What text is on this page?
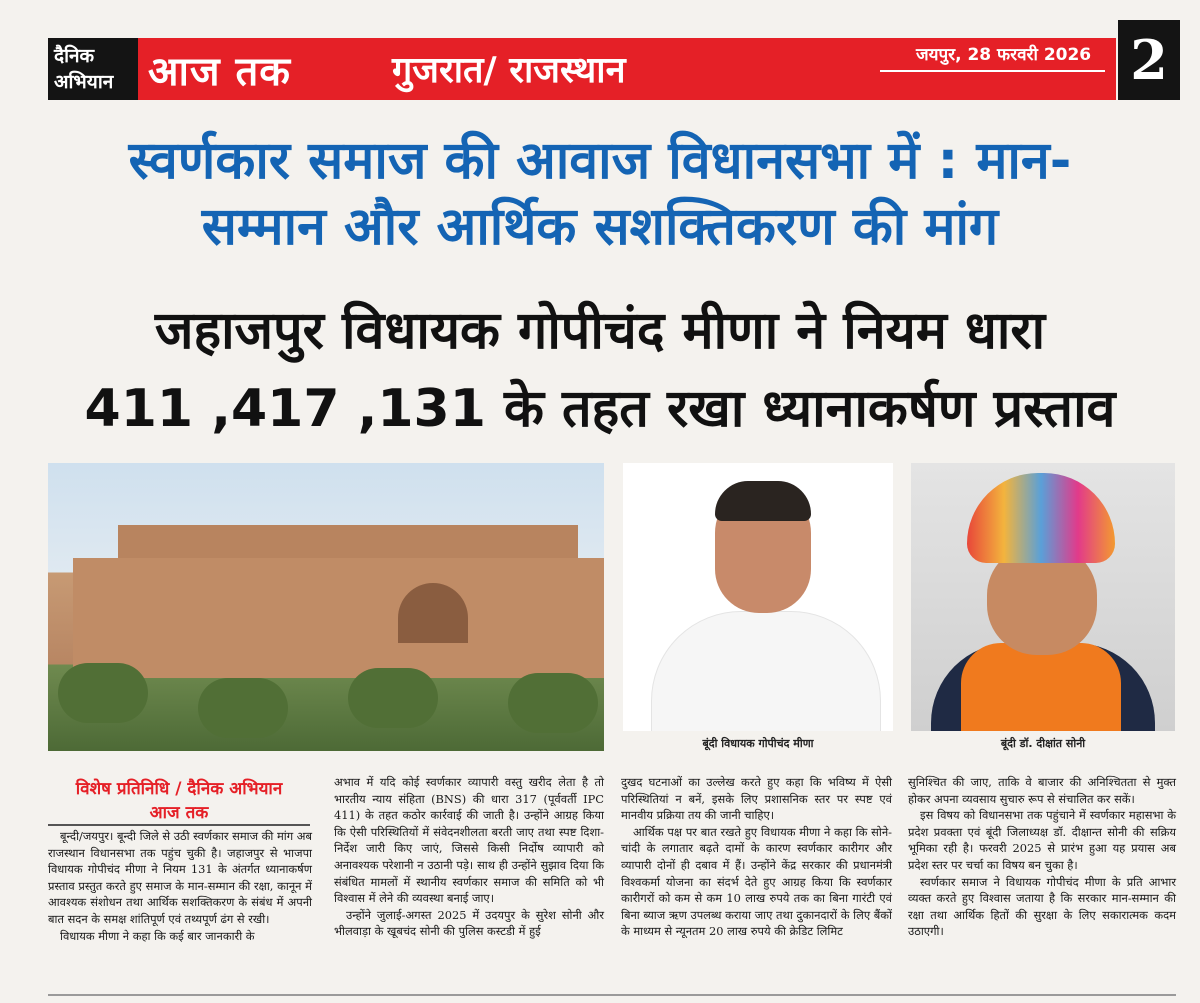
दैनिक
अभियान आज तक	गुजरात/ राजस्थान	जयपुर, 28 फरवरी 2026 2
स्वर्णकार समाज की आवाज विधानसभा में : मान-
सम्मान और आर्थिक सशक्तिकरण की मांग
जहाजपुर विधायक गोपीचंद मीणा ने नियम धारा
411 ,417 ,131 के तहत रखा ध्यानाकर्षण प्रस्ताव
बूंदी विधायक गोपीचंद मीणा	बूंदी डॉ. दीक्षांत सोनी
विशेष प्रतिनिधि / दैनिक अभियान
आज तक

बून्दी/जयपुर। बून्दी जिले से उठी स्वर्णकार समाज की मांग अब राजस्थान विधानसभा तक पहुंच चुकी है। जहाजपुर से भाजपा विधायक गोपीचंद मीणा ने नियम 131 के अंतर्गत ध्यानाकर्षण प्रस्ताव प्रस्तुत करते हुए समाज के मान-सम्मान की रक्षा, कानून में आवश्यक संशोधन तथा आर्थिक सशक्तिकरण के संबंध में अपनी बात सदन के समक्ष शांतिपूर्ण एवं तथ्यपूर्ण ढंग से रखी।

विधायक मीणा ने कहा कि कई बार जानकारी के

अभाव में यदि कोई स्वर्णकार व्यापारी वस्तु खरीद लेता है तो भारतीय न्याय संहिता (BNS) की धारा 317 (पूर्ववर्ती IPC 411) के तहत कठोर कार्रवाई की जाती है। उन्होंने आग्रह किया कि ऐसी परिस्थितियों में संवेदनशीलता बरती जाए तथा स्पष्ट दिशा-निर्देश जारी किए जाएं, जिससे किसी निर्दोष व्यापारी को अनावश्यक परेशानी न उठानी पड़े। साथ ही उन्होंने सुझाव दिया कि संबंधित मामलों में स्थानीय स्वर्णकार समाज की समिति को भी विश्वास में लेने की व्यवस्था बनाई जाए।

उन्होंने जुलाई-अगस्त 2025 में उदयपुर के सुरेश सोनी और भीलवाड़ा के खूबचंद सोनी की पुलिस कस्टडी में हुई

दुखद घटनाओं का उल्लेख करते हुए कहा कि भविष्य में ऐसी परिस्थितियां न बनें, इसके लिए प्रशासनिक स्तर पर स्पष्ट एवं मानवीय प्रक्रिया तय की जानी चाहिए।

आर्थिक पक्ष पर बात रखते हुए विधायक मीणा ने कहा कि सोने-चांदी के लगातार बढ़ते दामों के कारण स्वर्णकार कारीगर और व्यापारी दोनों ही दबाव में हैं। उन्होंने केंद्र सरकार की प्रधानमंत्री विश्वकर्मा योजना का संदर्भ देते हुए आग्रह किया कि स्वर्णकार कारीगरों को कम से कम 10 लाख रुपये तक का बिना गारंटी एवं बिना ब्याज ऋण उपलब्ध कराया जाए तथा दुकानदारों के लिए बैंकों के माध्यम से न्यूनतम 20 लाख रुपये की क्रेडिट लिमिट

सुनिश्चित की जाए, ताकि वे बाजार की अनिश्चितता से मुक्त होकर अपना व्यवसाय सुचारु रूप से संचालित कर सकें।

इस विषय को विधानसभा तक पहुंचाने में स्वर्णकार महासभा के प्रदेश प्रवक्ता एवं बूंदी जिलाध्यक्ष डॉ. दीक्षान्त सोनी की सक्रिय भूमिका रही है। फरवरी 2025 से प्रारंभ हुआ यह प्रयास अब प्रदेश स्तर पर चर्चा का विषय बन चुका है।

स्वर्णकार समाज ने विधायक गोपीचंद मीणा के प्रति आभार व्यक्त करते हुए विश्वास जताया है कि सरकार मान-सम्मान की रक्षा तथा आर्थिक हितों की सुरक्षा के लिए सकारात्मक कदम उठाएगी।
